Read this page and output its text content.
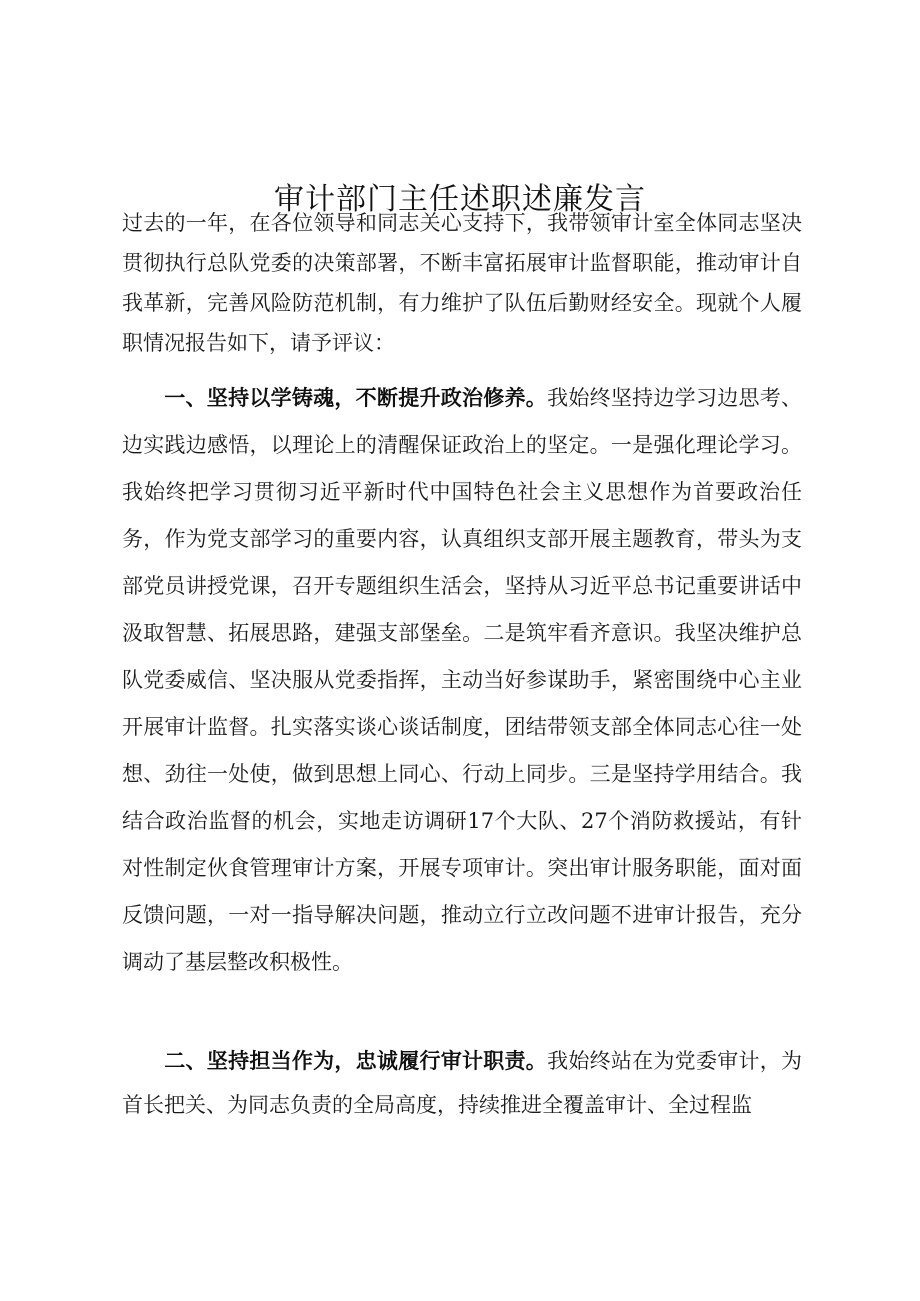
审计部门主任述职述廉发言

过去的一年，在各位领导和同志关心支持下，我带领审计室全体同志坚决贯彻执行总队党委的决策部署，不断丰富拓展审计监督职能，推动审计自我革新，完善风险防范机制，有力维护了队伍后勤财经安全。现就个人履职情况报告如下，请予评议：

一、坚持以学铸魂，不断提升政治修养。我始终坚持边学习边思考、边实践边感悟，以理论上的清醒保证政治上的坚定。一是强化理论学习。我始终把学习贯彻习近平新时代中国特色社会主义思想作为首要政治任务，作为党支部学习的重要内容，认真组织支部开展主题教育，带头为支部党员讲授党课，召开专题组织生活会，坚持从习近平总书记重要讲话中汲取智慧、拓展思路，建强支部堡垒。二是筑牢看齐意识。我坚决维护总队党委威信、坚决服从党委指挥，主动当好参谋助手，紧密围绕中心主业开展审计监督。扎实落实谈心谈话制度，团结带领支部全体同志心往一处想、劲往一处使，做到思想上同心、行动上同步。三是坚持学用结合。我结合政治监督的机会，实地走访调研17个大队、27个消防救援站，有针对性制定伙食管理审计方案，开展专项审计。突出审计服务职能，面对面反馈问题，一对一指导解决问题，推动立行立改问题不进审计报告，充分调动了基层整改积极性。

二、坚持担当作为，忠诚履行审计职责。我始终站在为党委审计，为首长把关、为同志负责的全局高度，持续推进全覆盖审计、全过程监
